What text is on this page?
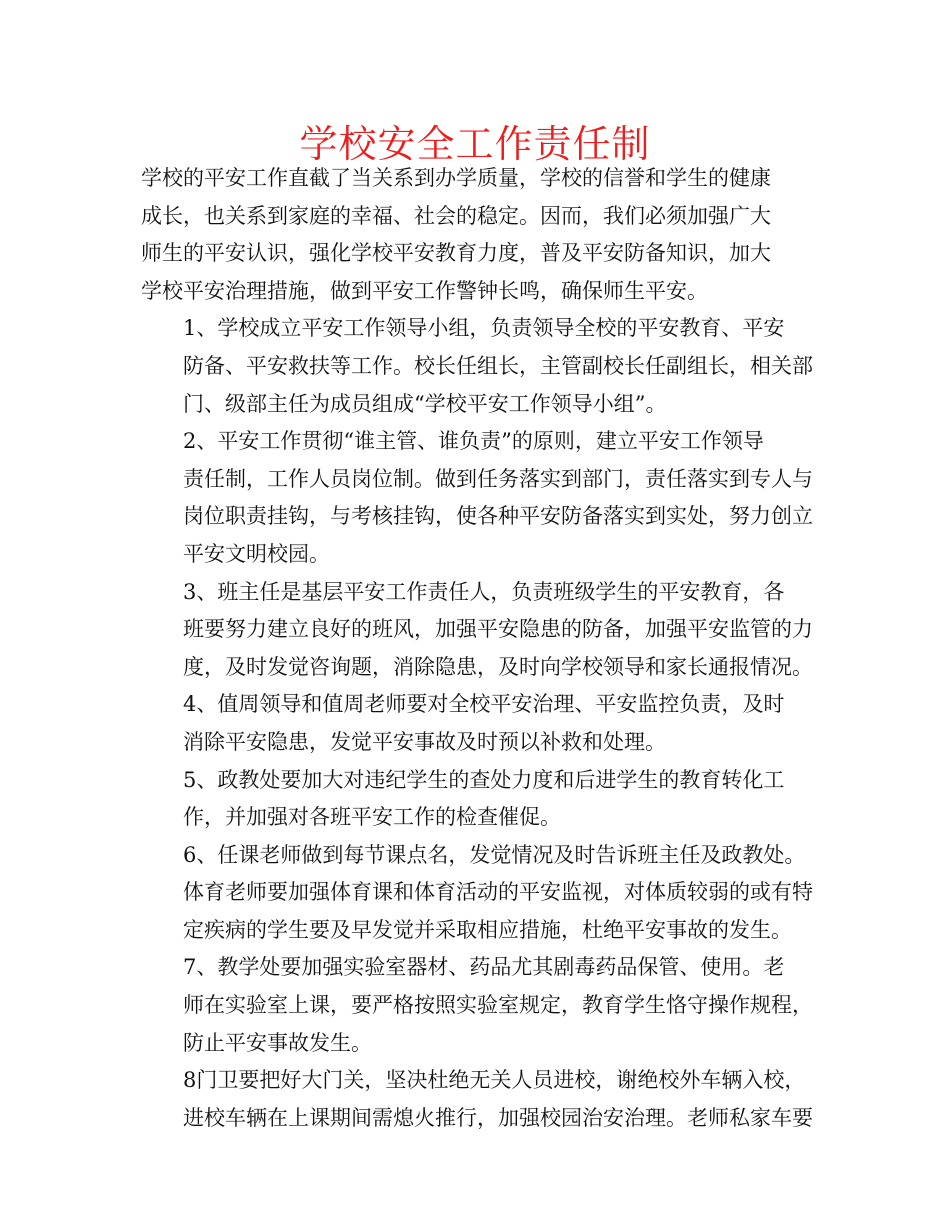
学校安全工作责任制

学校的平安工作直截了当关系到办学质量，学校的信誉和学生的健康
成长，也关系到家庭的幸福、社会的稳定。因而，我们必须加强广大
师生的平安认识，强化学校平安教育力度，普及平安防备知识，加大
学校平安治理措施，做到平安工作警钟长鸣，确保师生平安。

1、学校成立平安工作领导小组，负责领导全校的平安教育、平安
防备、平安救扶等工作。校长任组长，主管副校长任副组长，相关部
门、级部主任为成员组成“学校平安工作领导小组”。

2、平安工作贯彻“谁主管、谁负责”的原则，建立平安工作领导
责任制，工作人员岗位制。做到任务落实到部门，责任落实到专人与
岗位职责挂钩，与考核挂钩，使各种平安防备落实到实处，努力创立
平安文明校园。

3、班主任是基层平安工作责任人，负责班级学生的平安教育，各
班要努力建立良好的班风，加强平安隐患的防备，加强平安监管的力
度，及时发觉咨询题，消除隐患，及时向学校领导和家长通报情况。

4、值周领导和值周老师要对全校平安治理、平安监控负责，及时
消除平安隐患，发觉平安事故及时预以补救和处理。

5、政教处要加大对违纪学生的查处力度和后进学生的教育转化工
作，并加强对各班平安工作的检查催促。

6、任课老师做到每节课点名，发觉情况及时告诉班主任及政教处。
体育老师要加强体育课和体育活动的平安监视，对体质较弱的或有特
定疾病的学生要及早发觉并采取相应措施，杜绝平安事故的发生。

7、教学处要加强实验室器材、药品尤其剧毒药品保管、使用。老
师在实验室上课，要严格按照实验室规定，教育学生恪守操作规程，
防止平安事故发生。

8门卫要把好大门关，坚决杜绝无关人员进校，谢绝校外车辆入校，
进校车辆在上课期间需熄火推行，加强校园治安治理。老师私家车要
